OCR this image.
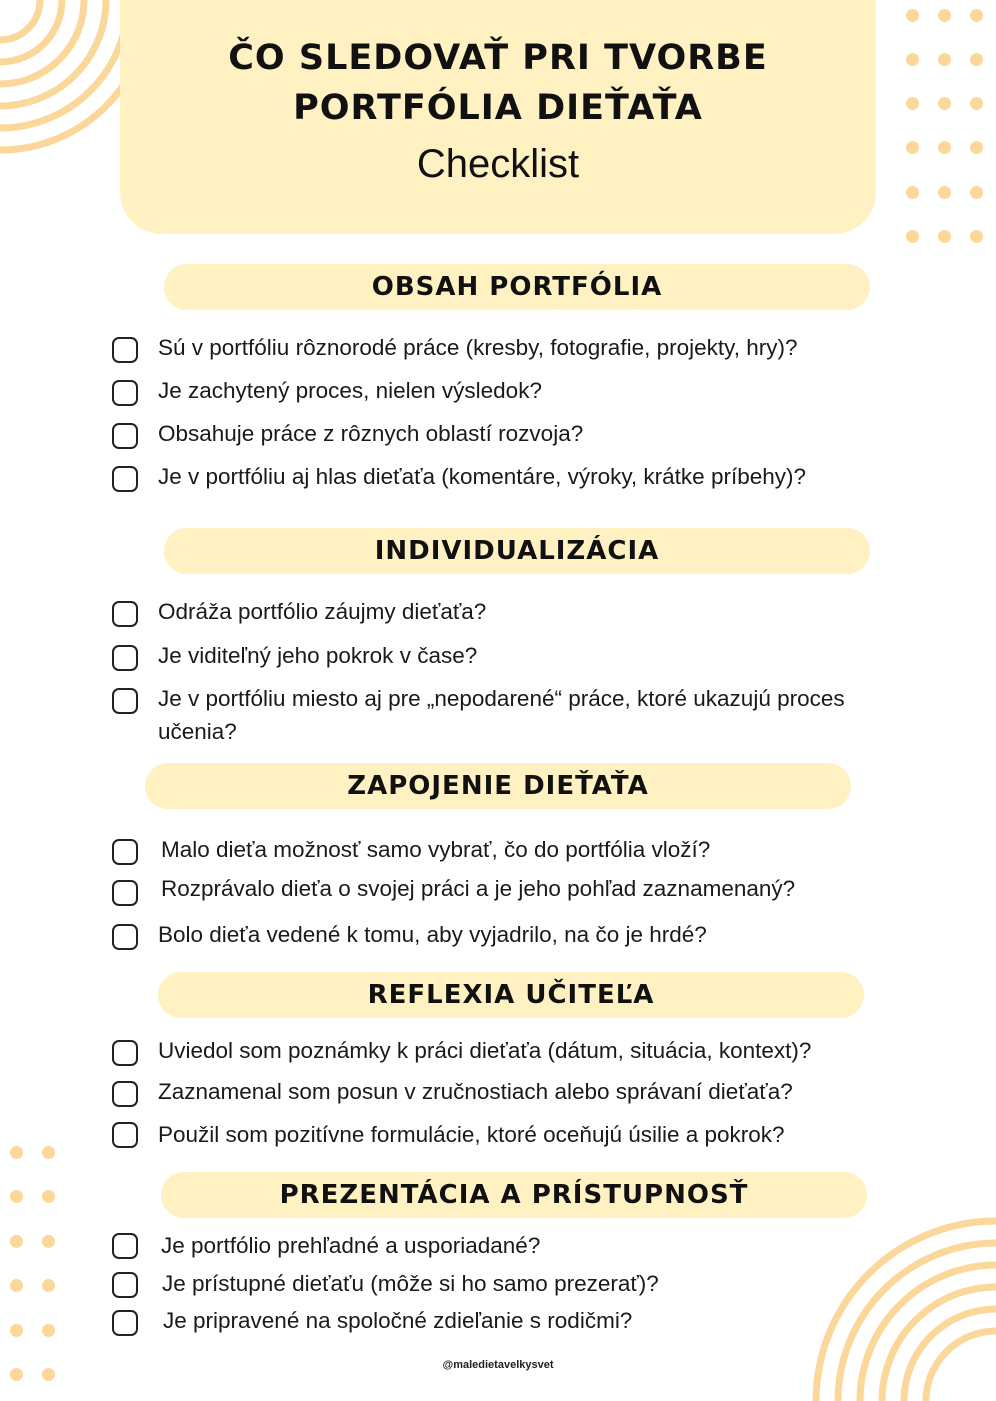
ČO SLEDOVAŤ PRI TVORBE
PORTFÓLIA DIEŤAŤA
Checklist
OBSAH PORTFÓLIA
Sú v portfóliu rôznorodé práce (kresby, fotografie, projekty, hry)?
Je zachytený proces, nielen výsledok?
Obsahuje práce z rôznych oblastí rozvoja?
Je v portfóliu aj hlas dieťaťa (komentáre, výroky, krátke príbehy)?
INDIVIDUALIZÁCIA
Odráža portfólio záujmy dieťaťa?
Je viditeľný jeho pokrok v čase?
Je v portfóliu miesto aj pre „nepodarené“ práce, ktoré ukazujú proces učenia?
ZAPOJENIE DIEŤAŤA
Malo dieťa možnosť samo vybrať, čo do portfólia vloží?
Rozprávalo dieťa o svojej práci a je jeho pohľad zaznamenaný?
Bolo dieťa vedené k tomu, aby vyjadrilo, na čo je hrdé?
REFLEXIA UČITEĽA
Uviedol som poznámky k práci dieťaťa (dátum, situácia, kontext)?
Zaznamenal som posun v zručnostiach alebo správaní dieťaťa?
Použil som pozitívne formulácie, ktoré oceňujú úsilie a pokrok?
PREZENTÁCIA A PRÍSTUPNOSŤ
Je portfólio prehľadné a usporiadané?
Je prístupné dieťaťu (môže si ho samo prezerať)?
Je pripravené na spoločné zdieľanie s rodičmi?
@maledietavelkysvet
